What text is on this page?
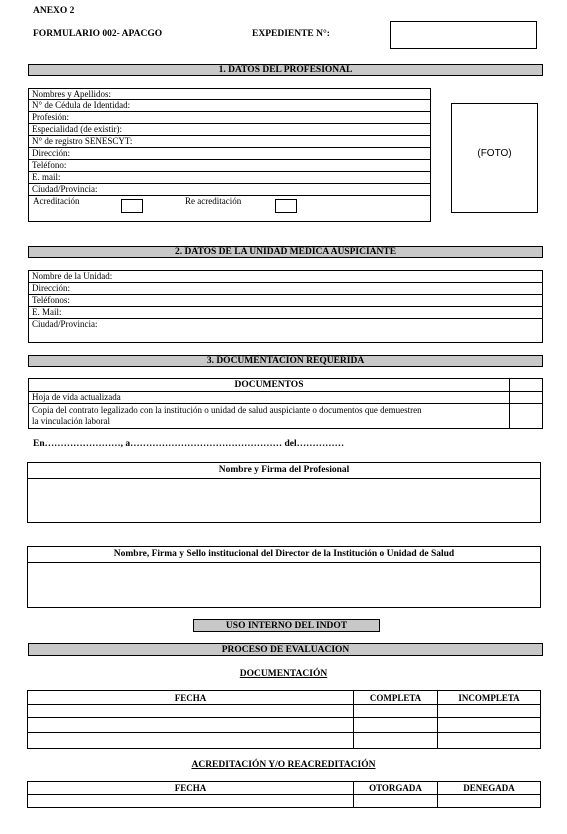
ANEXO 2
FORMULARIO 002- APACGO	EXPEDIENTE N°:
1. DATOS DEL PROFESIONAL
Nombres y Apellidos:
N° de Cédula de Identidad:
Profesión:
Especialidad (de existir):
N° de registro SENESCYT:
Dirección:
Teléfono:
E. mail:
Ciudad/Provincia:
Acreditación	Re acreditación
(FOTO)
2. DATOS DE LA UNIDAD MEDICA AUSPICIANTE
Nombre de la Unidad:
Dirección:
Teléfonos:
E. Mail:
Ciudad/Provincia:
3. DOCUMENTACION REQUERIDA
DOCUMENTOS
Hoja de vida actualizada
Copia del contrato legalizado con la institución o unidad de salud auspiciante o documentos que demuestren
la vinculación laboral
En……………………, a………………………………………… del……………
Nombre y Firma del Profesional
Nombre, Firma y Sello institucional del Director de la Institución o Unidad de Salud
USO INTERNO DEL INDOT
PROCESO DE EVALUACION
DOCUMENTACIÓN
FECHA	COMPLETA	INCOMPLETA

ACREDITACIÓN Y/O REACREDITACIÓN
FECHA	OTORGADA	DENEGADA
